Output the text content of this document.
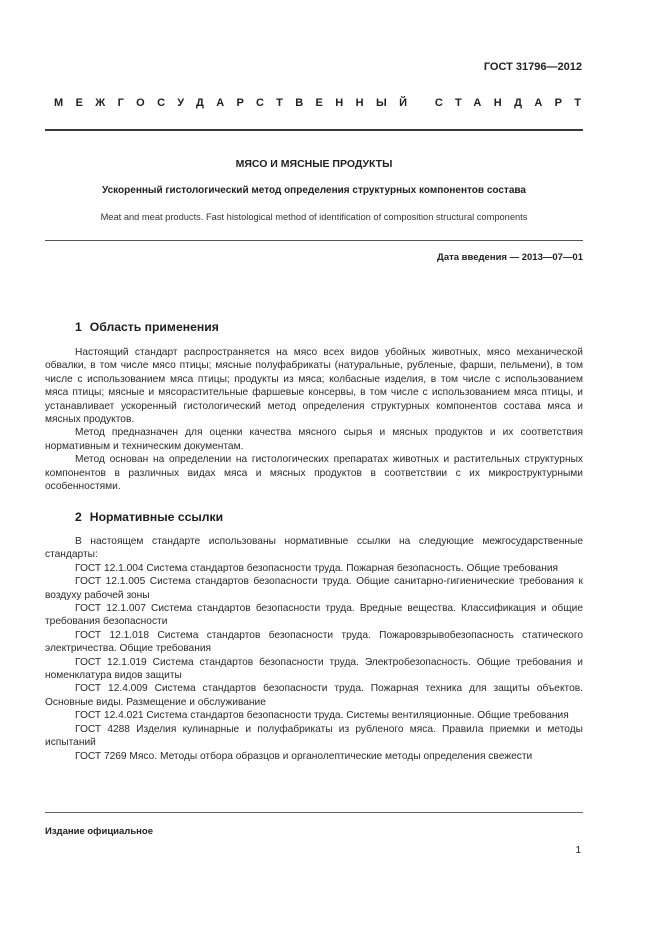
ГОСТ 31796—2012
МЕЖГОСУДАРСТВЕННЫЙ СТАНДАРТ
МЯСО И МЯСНЫЕ ПРОДУКТЫ
Ускоренный гистологический метод определения структурных компонентов состава
Meat and meat products. Fast histological method of identification of composition structural components
Дата введения — 2013—07—01
1 Область применения

Настоящий стандарт распространяется на мясо всех видов убойных животных, мясо механической обвалки, в том числе мясо птицы; мясные полуфабрикаты (натуральные, рубленые, фарши, пельмени), в том числе с использованием мяса птицы; продукты из мяса; колбасные изделия, в том числе с использованием мяса птицы; мясные и мясорастительные фаршевые консервы, в том числе с использованием мяса птицы, и устанавливает ускоренный гистологический метод определения структурных компонентов состава мяса и мясных продуктов.

Метод предназначен для оценки качества мясного сырья и мясных продуктов и их соответствия нормативным и техническим документам.

Метод основан на определении на гистологических препаратах животных и растительных структурных компонентов в различных видах мяса и мясных продуктов в соответствии с их микроструктурными особенностями.

2 Нормативные ссылки

В настоящем стандарте использованы нормативные ссылки на следующие межгосударственные стандарты:

ГОСТ 12.1.004 Система стандартов безопасности труда. Пожарная безопасность. Общие требования

ГОСТ 12.1.005 Система стандартов безопасности труда. Общие санитарно-гигиенические требования к воздуху рабочей зоны

ГОСТ 12.1.007 Система стандартов безопасности труда. Вредные вещества. Классификация и общие требования безопасности

ГОСТ 12.1.018 Система стандартов безопасности труда. Пожаровзрывобезопасность статического электричества. Общие требования

ГОСТ 12.1.019 Система стандартов безопасности труда. Электробезопасность. Общие требования и номенклатура видов защиты

ГОСТ 12.4.009 Система стандартов безопасности труда. Пожарная техника для защиты объектов. Основные виды. Размещение и обслуживание

ГОСТ 12.4.021 Система стандартов безопасности труда. Системы вентиляционные. Общие требования

ГОСТ 4288 Изделия кулинарные и полуфабрикаты из рубленого мяса. Правила приемки и методы испытаний

ГОСТ 7269 Мясо. Методы отбора образцов и органолептические методы определения свежести

Издание официальное
1
